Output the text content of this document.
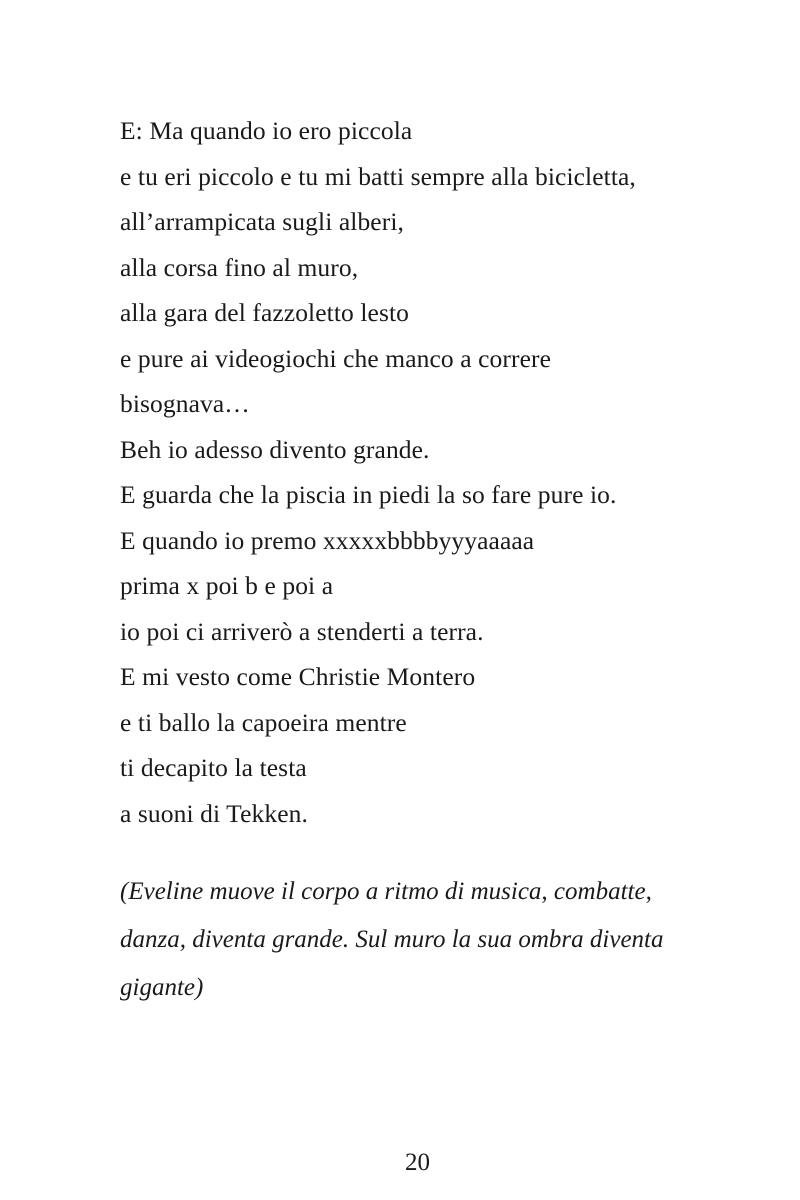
E: Ma quando io ero piccola
e tu eri piccolo e tu mi batti sempre alla bicicletta,
all’arrampicata sugli alberi,
alla corsa fino al muro,
alla gara del fazzoletto lesto
e pure ai videogiochi che manco a correre
bisognava…
Beh io adesso divento grande.
E guarda che la piscia in piedi la so fare pure io.
E quando io premo xxxxxbbbbyyyaaaaa
prima x poi b e poi a
io poi ci arriverò a stenderti a terra.
E mi vesto come Christie Montero
e ti ballo la capoeira mentre
ti decapito la testa
a suoni di Tekken.

(Eveline muove il corpo a ritmo di musica, combatte, danza, diventa grande. Sul muro la sua ombra diventa gigante)

20
